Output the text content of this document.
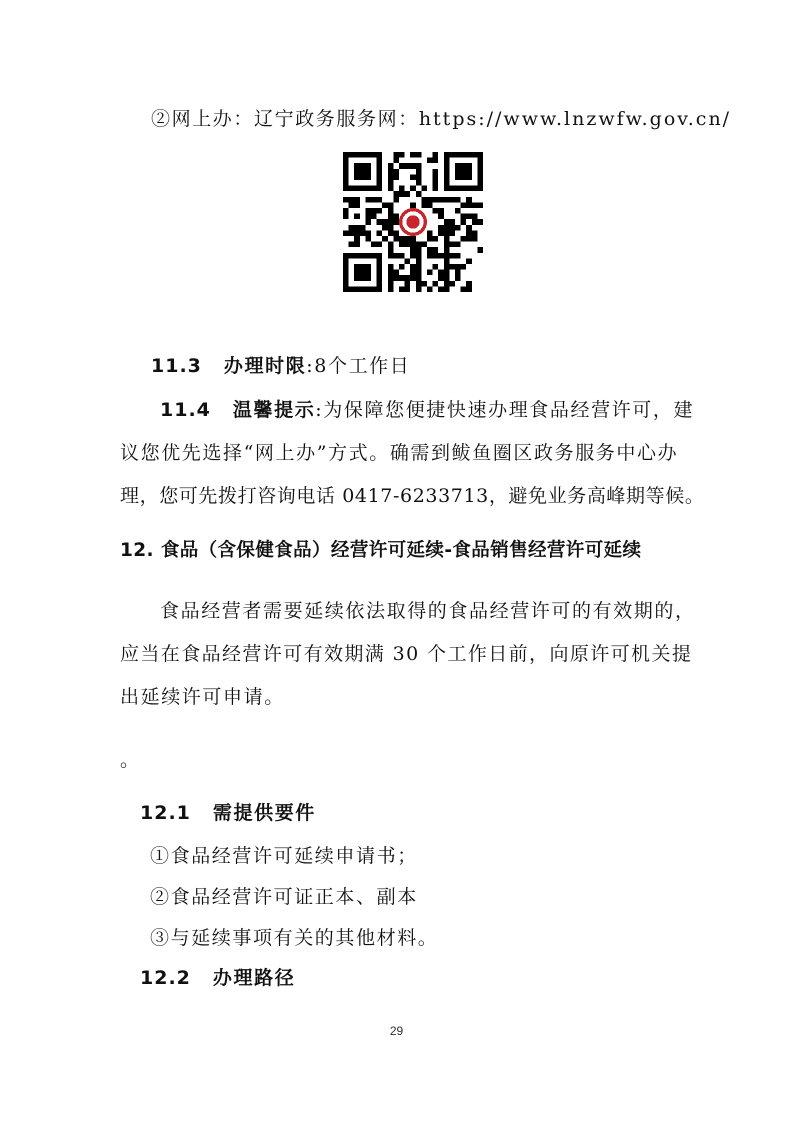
②网上办：辽宁政务服务网：https://www.lnzwfw.gov.cn/
11.3 办理时限:8个工作日
11.4 温馨提示:为保障您便捷快速办理食品经营许可，建
议您优先选择“网上办”方式。确需到鲅鱼圈区政务服务中心办
理，您可先拨打咨询电话 0417-6233713，避免业务高峰期等候。
12. 食品（含保健食品）经营许可延续-食品销售经营许可延续
食品经营者需要延续依法取得的食品经营许可的有效期的，
应当在食品经营许可有效期满 30 个工作日前，向原许可机关提
出延续许可申请。
。
12.1 需提供要件
①食品经营许可延续申请书；
②食品经营许可证正本、副本
③与延续事项有关的其他材料。
12.2 办理路径
29
